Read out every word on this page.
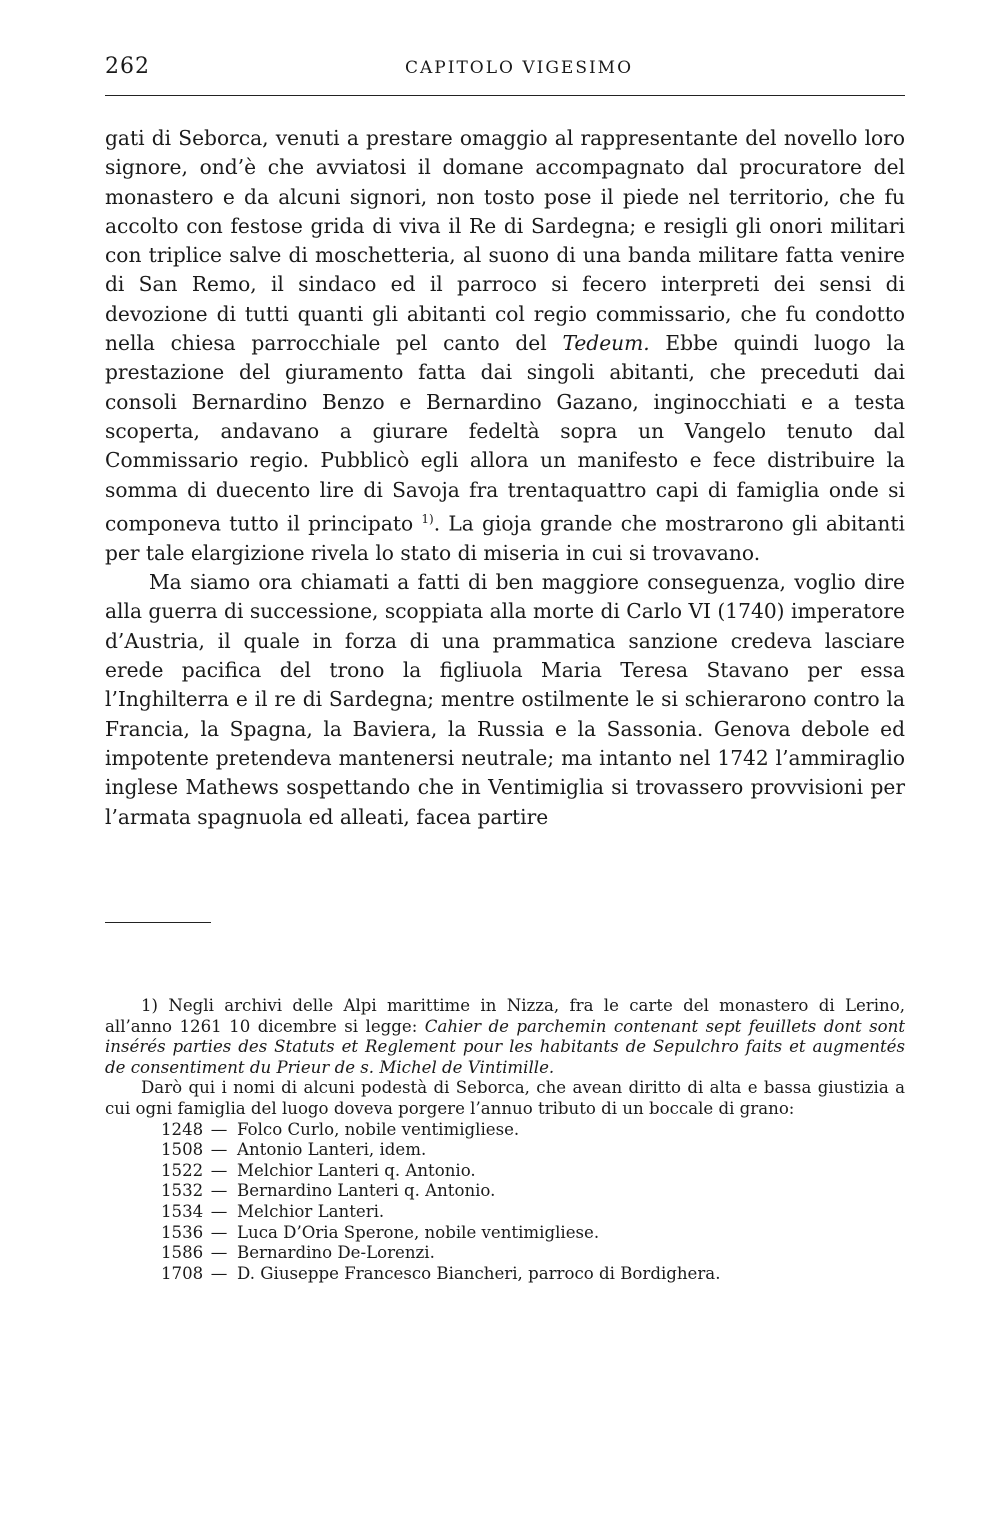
262	CAPITOLO VIGESIMO

gati di Seborca, venuti a prestare omaggio al rappresentante del novello loro signore, ond’è che avviatosi il domane accompagnato dal procuratore del monastero e da alcuni signori, non tosto pose il piede nel territorio, che fu accolto con festose grida di viva il Re di Sardegna; e resigli gli onori militari con triplice salve di moschetteria, al suono di una banda militare fatta venire di San Remo, il sindaco ed il parroco si fecero interpreti dei sensi di devozione di tutti quanti gli abitanti col regio commissario, che fu condotto nella chiesa parrocchiale pel canto del Tedeum. Ebbe quindi luogo la prestazione del giuramento fatta dai singoli abitanti, che preceduti dai consoli Bernardino Benzo e Bernardino Gazano, inginocchiati e a testa scoperta, andavano a giurare fedeltà sopra un Vangelo tenuto dal Commissario regio. Pubblicò egli allora un manifesto e fece distribuire la somma di duecento lire di Savoja fra trentaquattro capi di famiglia onde si componeva tutto il principato $^{1)}$. La gioja grande che mostrarono gli abitanti per tale elargizione rivela lo stato di miseria in cui si trovavano.

Ma siamo ora chiamati a fatti di ben maggiore conseguenza, voglio dire alla guerra di successione, scoppiata alla morte di Carlo VI (1740) imperatore d’Austria, il quale in forza di una prammatica sanzione credeva lasciare erede pacifica del trono la figliuola Maria Teresa Stavano per essa l’Inghilterra e il re di Sardegna; mentre ostilmente le si schierarono contro la Francia, la Spagna, la Baviera, la Russia e la Sassonia. Genova debole ed impotente pretendeva mantenersi neutrale; ma intanto nel 1742 l’ammiraglio inglese Mathews sospettando che in Ventimiglia si trovassero provvisioni per l’armata spagnuola ed alleati, facea partire

1) Negli archivi delle Alpi marittime in Nizza, fra le carte del monastero di Lerino, all’anno 1261 10 dicembre si legge: Cahier de parchemin contenant sept feuillets dont sont insérés parties des Statuts et Reglement pour les habitants de Sepulchro faits et augmentés de consentiment du Prieur de s. Michel de Vintimille.

Darò qui i nomi di alcuni podestà di Seborca, che avean diritto di alta e bassa giustizia a cui ogni famiglia del luogo doveva porgere l’annuo tributo di un boccale di grano:

1248 — Folco Curlo, nobile ventimigliese.
1508 — Antonio Lanteri, idem.
1522 — Melchior Lanteri q. Antonio.
1532 — Bernardino Lanteri q. Antonio.
1534 — Melchior Lanteri.
1536 — Luca D’Oria Sperone, nobile ventimigliese.
1586 — Bernardino De-Lorenzi.
1708 — D. Giuseppe Francesco Biancheri, parroco di Bordighera.
